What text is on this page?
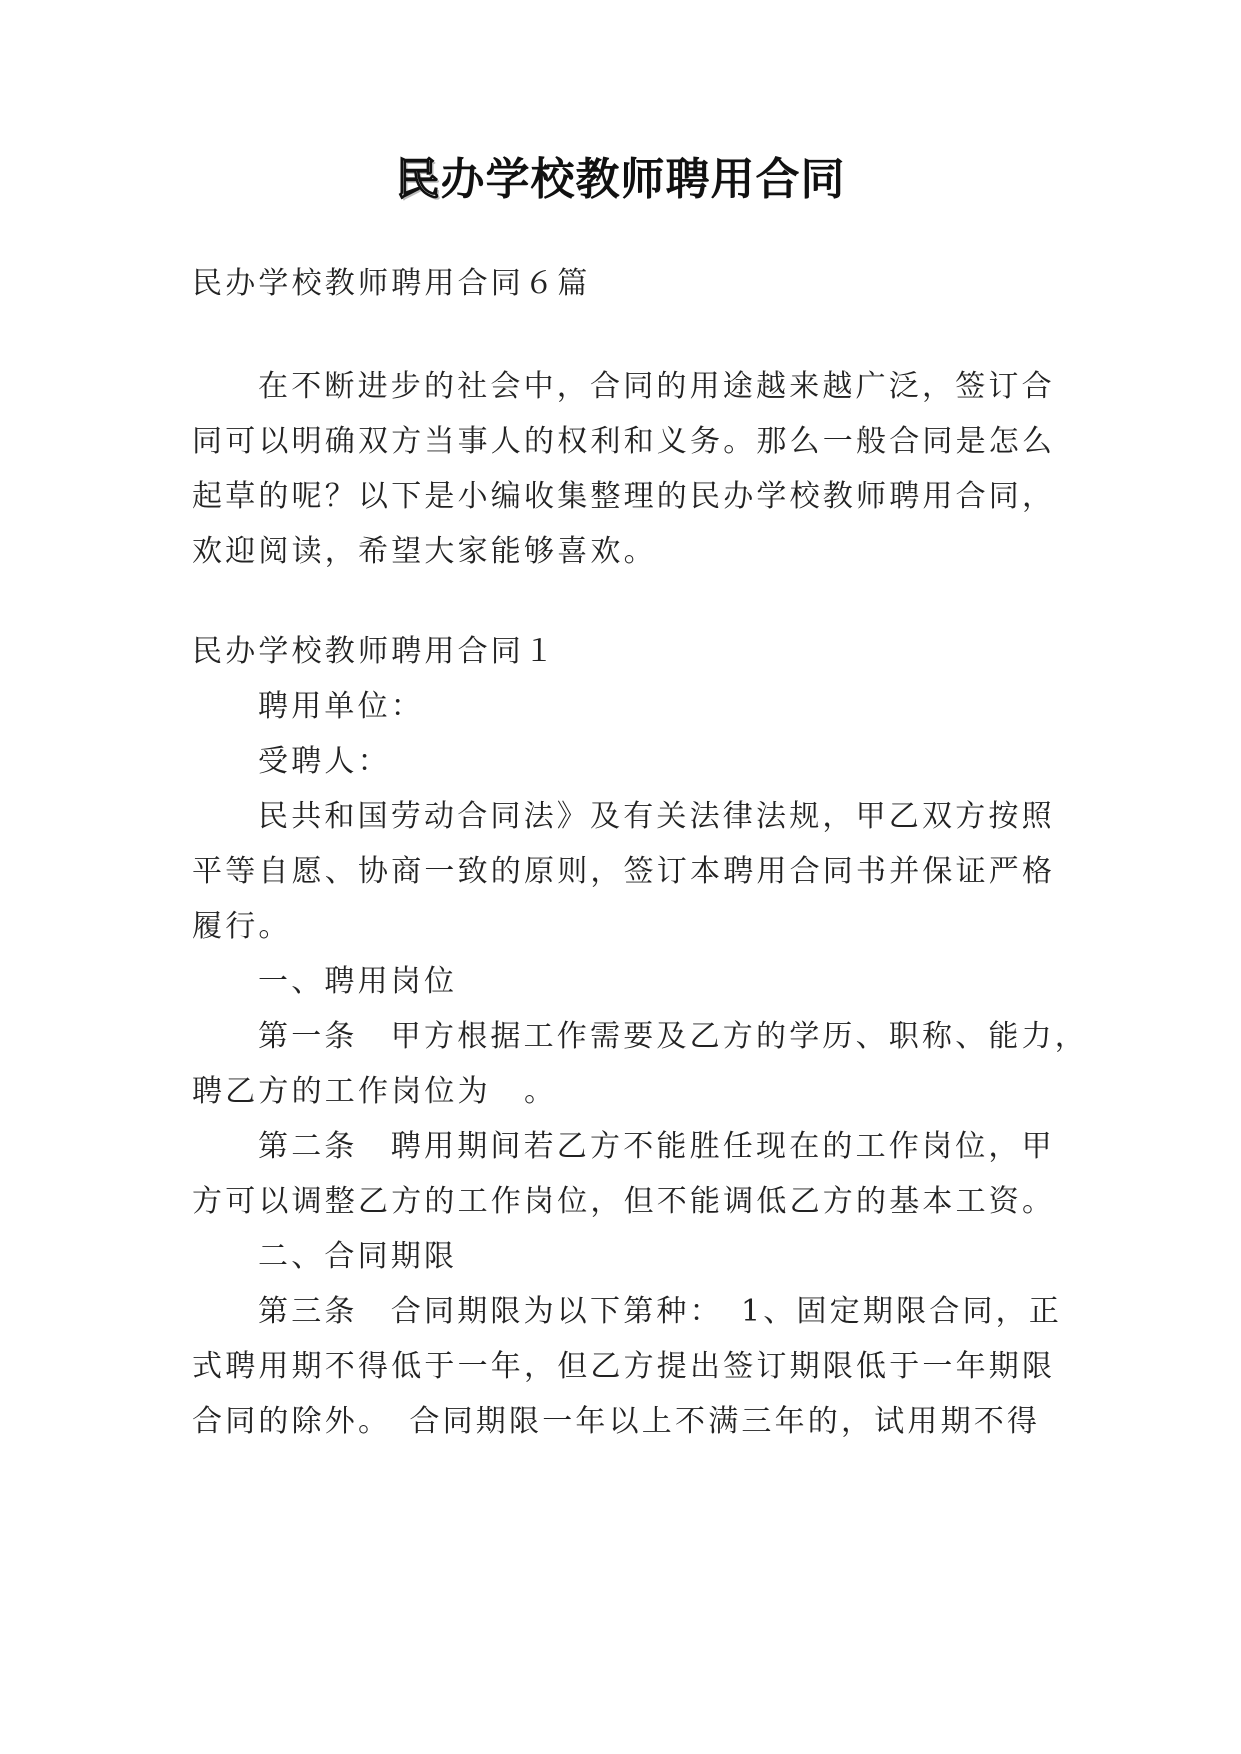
民办学校教师聘用合同
民办学校教师聘用合同６篇
在不断进步的社会中，合同的用途越来越广泛，签订合
同可以明确双方当事人的权利和义务。那么一般合同是怎么
起草的呢？以下是小编收集整理的民办学校教师聘用合同，
欢迎阅读，希望大家能够喜欢。
民办学校教师聘用合同１
聘用单位：
受聘人：
民共和国劳动合同法》及有关法律法规，甲乙双方按照
平等自愿、协商一致的原则，签订本聘用合同书并保证严格
履行。
一、聘用岗位
第一条　甲方根据工作需要及乙方的学历、职称、能力，
聘乙方的工作岗位为　。
第二条　聘用期间若乙方不能胜任现在的工作岗位，甲
方可以调整乙方的工作岗位，但不能调低乙方的基本工资。
二、合同期限
第三条　合同期限为以下第种：　1、固定期限合同，正
式聘用期不得低于一年，但乙方提出签订期限低于一年期限
合同的除外。　合同期限一年以上不满三年的，试用期不得
